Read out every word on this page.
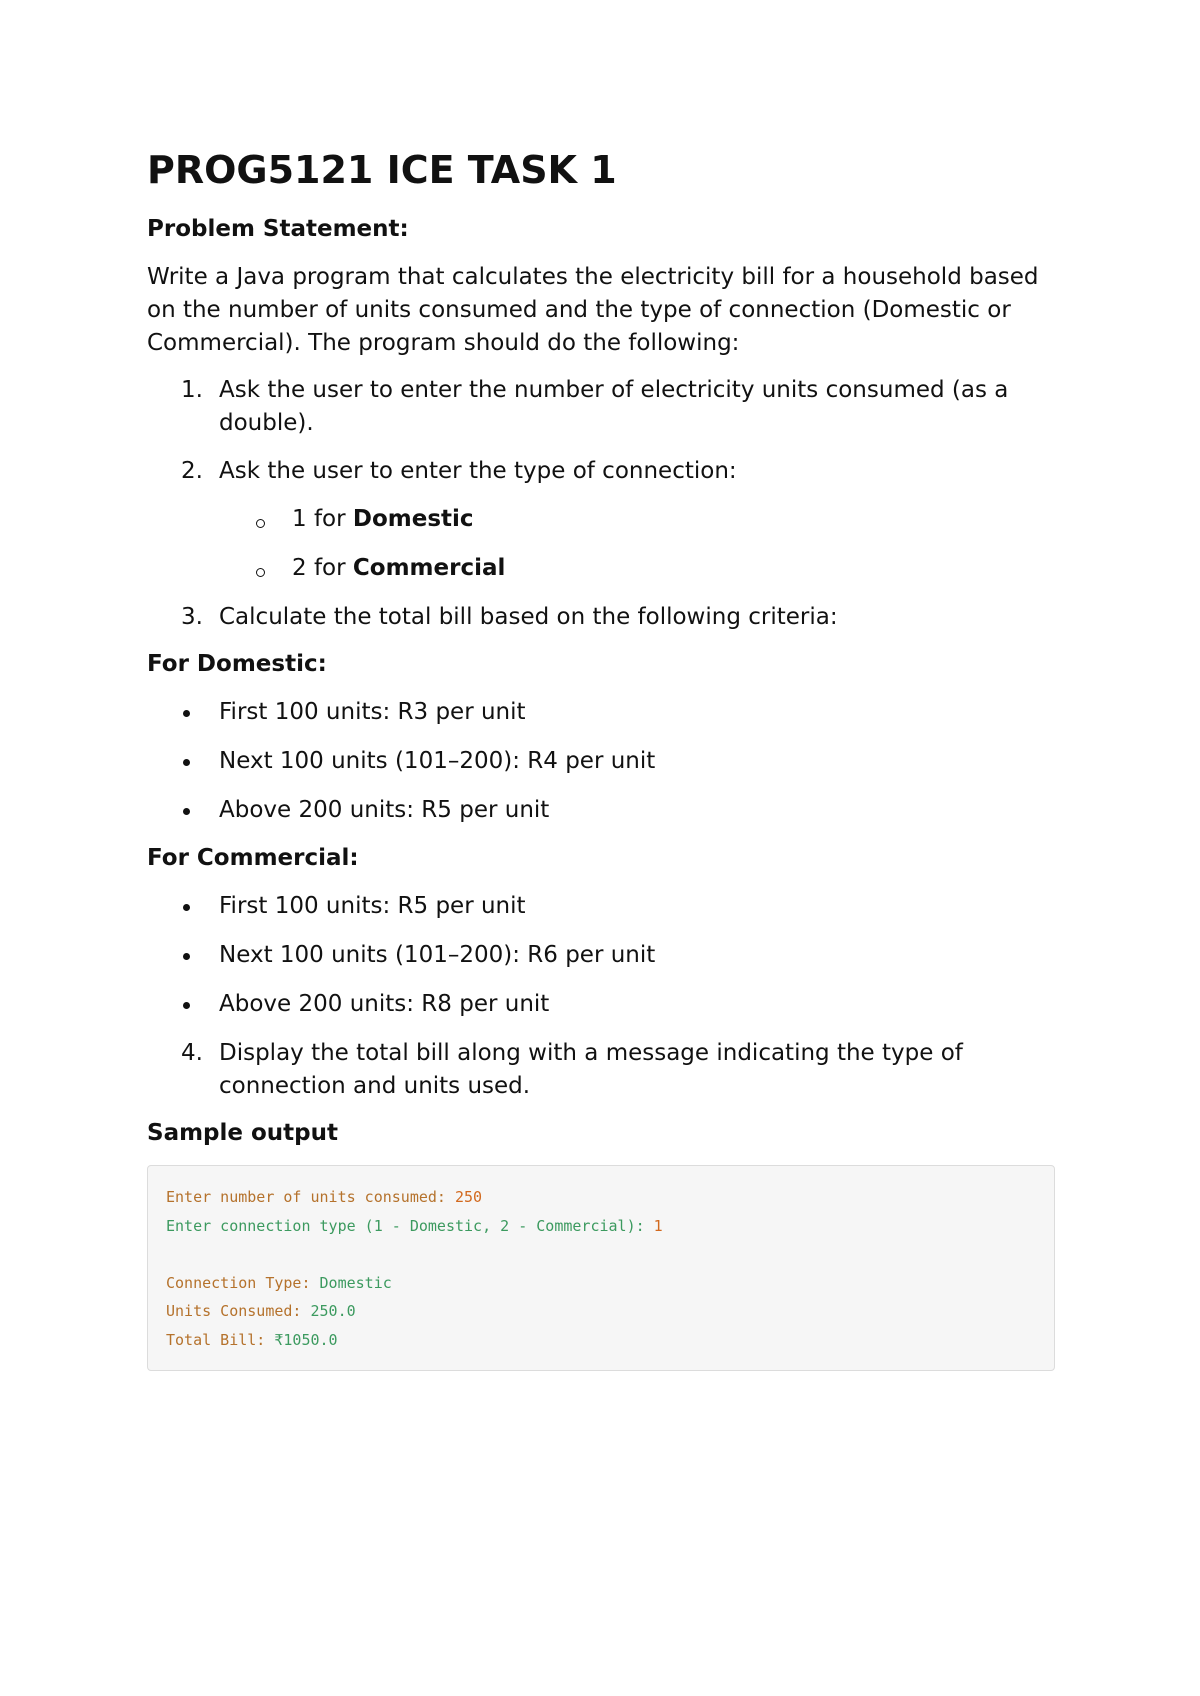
PROG5121 ICE TASK 1
Problem Statement:
Write a Java program that calculates the electricity bill for a household based on the number of units consumed and the type of connection (Domestic or Commercial). The program should do the following:
1. Ask the user to enter the number of electricity units consumed (as a double).
2. Ask the user to enter the type of connection:
1 for Domestic
2 for Commercial
3. Calculate the total bill based on the following criteria:
For Domestic:
First 100 units: R3 per unit
Next 100 units (101–200): R4 per unit
Above 200 units: R5 per unit
For Commercial:
First 100 units: R5 per unit
Next 100 units (101–200): R6 per unit
Above 200 units: R8 per unit
4. Display the total bill along with a message indicating the type of connection and units used.
Sample output
Enter number of units consumed: 250
Enter connection type (1 - Domestic, 2 - Commercial): 1
Connection Type: Domestic
Units Consumed: 250.0
Total Bill: ₹1050.0
